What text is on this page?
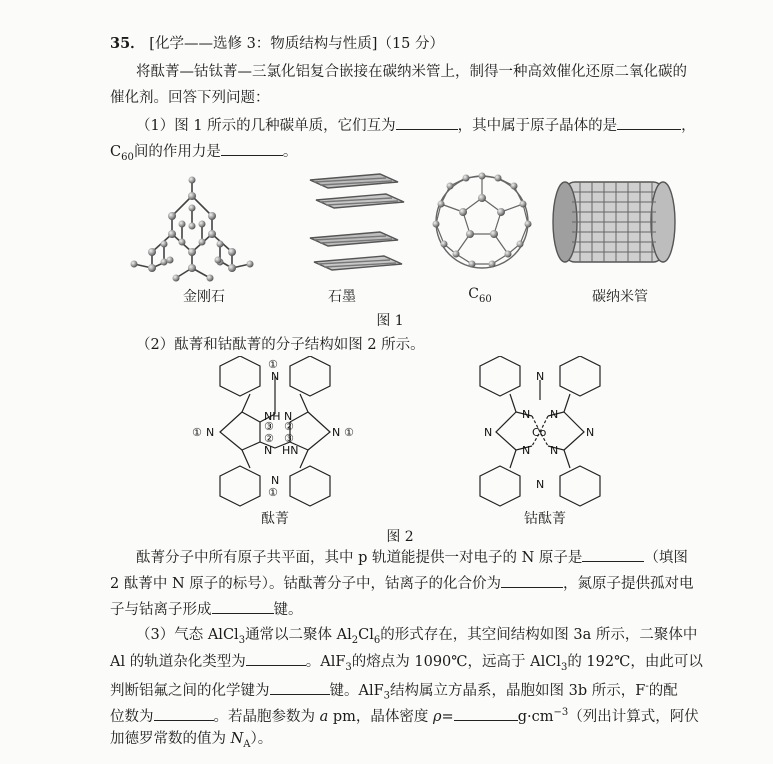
35． [化学——选修 3：物质结构与性质]（15 分）
将酞菁—钴钛菁—三氯化铝复合嵌接在碳纳米管上，制得一种高效催化还原二氧化碳的
催化剂。回答下列问题：
（1）图 1 所示的几种碳单质，它们互为	，其中属于原子晶体的是	，
$C_{60}$间的作用力是	。
金刚石	石墨	$C_{60}$	碳纳米管
图 1
（2）酞菁和钴酞菁的分子结构如图 2 所示。
N
①
NH N
③ ②
N
①	N ①
② ③
N HN
N
①
N
N N
N	Co	N
N N
N
酞菁	钴酞菁
图 2
酞菁分子中所有原子共平面，其中 p 轨道能提供一对电子的 N 原子是	（填图
2 酞菁中 N 原子的标号）。钴酞菁分子中，钴离子的化合价为	，氮原子提供孤对电
子与钴离子形成	键。
（3）气态 AlCl$_3$通常以二聚体 $Al_2Cl_6$的形式存在，其空间结构如图 3a 所示，二聚体中
Al 的轨道杂化类型为	。AlF$_3$的熔点为 1090℃，远高于 AlCl$_3$的 192℃，由此可以
判断铝氟之间的化学键为	键。AlF$_3$结构属立方晶系，晶胞如图 3b 所示，F-的配
位数为	。若晶胞参数为 a pm，晶体密度 ρ=	$g\cdot cm^{-3}$（列出计算式，阿伏
加德罗常数的值为 $N_A$）。
